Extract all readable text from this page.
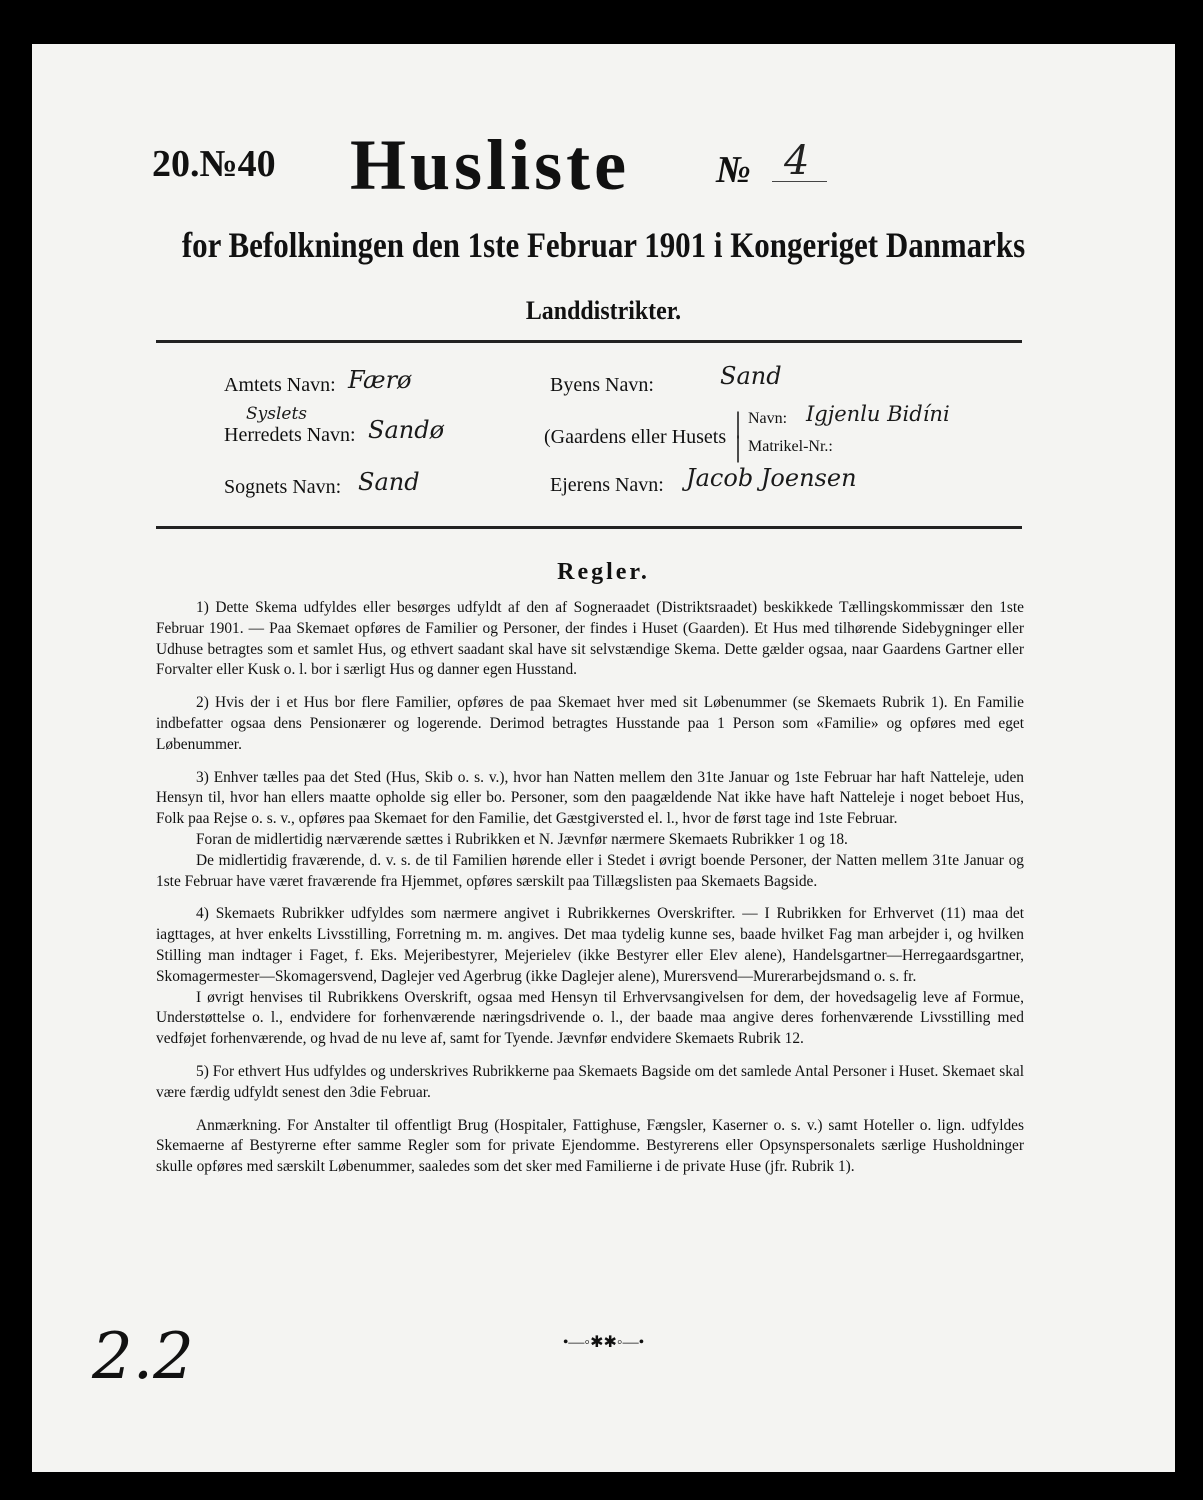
20.№40 Husliste № 4
for Befolkningen den 1ste Februar 1901 i Kongeriget Danmarks
Landdistrikter.
Amtets Navn: Færø
Syslets
Herredets Navn: Sandø
Sognets Navn: Sand
Byens Navn:	Sand
(Gaardens eller Husets |
|
Navn: Igjenlu Bidíni
Matrikel-Nr.:
Ejerens Navn: Jacob Joensen
Regler.

1) Dette Skema udfyldes eller besørges udfyldt af den af Sogneraadet (Distriktsraadet) beskikkede Tællingskommissær den 1ste Februar 1901. — Paa Skemaet opføres de Familier og Personer, der findes i Huset (Gaarden). Et Hus med tilhørende Sidebygninger eller Udhuse betragtes som et samlet Hus, og ethvert saadant skal have sit selvstændige Skema. Dette gælder ogsaa, naar Gaardens Gartner eller Forvalter eller Kusk o. l. bor i særligt Hus og danner egen Husstand.

2) Hvis der i et Hus bor flere Familier, opføres de paa Skemaet hver med sit Løbenummer (se Skemaets Rubrik 1). En Familie indbefatter ogsaa dens Pensionærer og logerende. Derimod betragtes Husstande paa 1 Person som «Familie» og opføres med eget Løbenummer.

3) Enhver tælles paa det Sted (Hus, Skib o. s. v.), hvor han Natten mellem den 31te Januar og 1ste Februar har haft Natteleje, uden Hensyn til, hvor han ellers maatte opholde sig eller bo. Personer, som den paagældende Nat ikke have haft Natteleje i noget beboet Hus, Folk paa Rejse o. s. v., opføres paa Skemaet for den Familie, det Gæstgiversted el. l., hvor de først tage ind 1ste Februar.

Foran de midlertidig nærværende sættes i Rubrikken et N. Jævnfør nærmere Skemaets Rubrikker 1 og 18.

De midlertidig fraværende, d. v. s. de til Familien hørende eller i Stedet i øvrigt boende Personer, der Natten mellem 31te Januar og 1ste Februar have været fraværende fra Hjemmet, opføres særskilt paa Tillægslisten paa Skemaets Bagside.

4) Skemaets Rubrikker udfyldes som nærmere angivet i Rubrikkernes Overskrifter. — I Rubrikken for Erhvervet (11) maa det iagttages, at hver enkelts Livsstilling, Forretning m. m. angives. Det maa tydelig kunne ses, baade hvilket Fag man arbejder i, og hvilken Stilling man indtager i Faget, f. Eks. Mejeribestyrer, Mejerielev (ikke Bestyrer eller Elev alene), Handelsgartner—Herregaardsgartner, Skomagermester—Skomagersvend, Daglejer ved Agerbrug (ikke Daglejer alene), Murersvend—Murerarbejdsmand o. s. fr.

I øvrigt henvises til Rubrikkens Overskrift, ogsaa med Hensyn til Erhvervsangivelsen for dem, der hovedsagelig leve af Formue, Understøttelse o. l., endvidere for forhenværende næringsdrivende o. l., der baade maa angive deres forhenværende Livsstilling med vedføjet forhenværende, og hvad de nu leve af, samt for Tyende. Jævnfør endvidere Skemaets Rubrik 12.

5) For ethvert Hus udfyldes og underskrives Rubrikkerne paa Skemaets Bagside om det samlede Antal Personer i Huset. Skemaet skal være færdig udfyldt senest den 3die Februar.

Anmærkning. For Anstalter til offentligt Brug (Hospitaler, Fattighuse, Fængsler, Kaserner o. s. v.) samt Hoteller o. lign. udfyldes Skemaerne af Bestyrerne efter samme Regler som for private Ejendomme. Bestyrerens eller Opsynspersonalets særlige Husholdninger skulle opføres med særskilt Løbenummer, saaledes som det sker med Familierne i de private Huse (jfr. Rubrik 1).

•—◦✱✱◦—•
2.2
